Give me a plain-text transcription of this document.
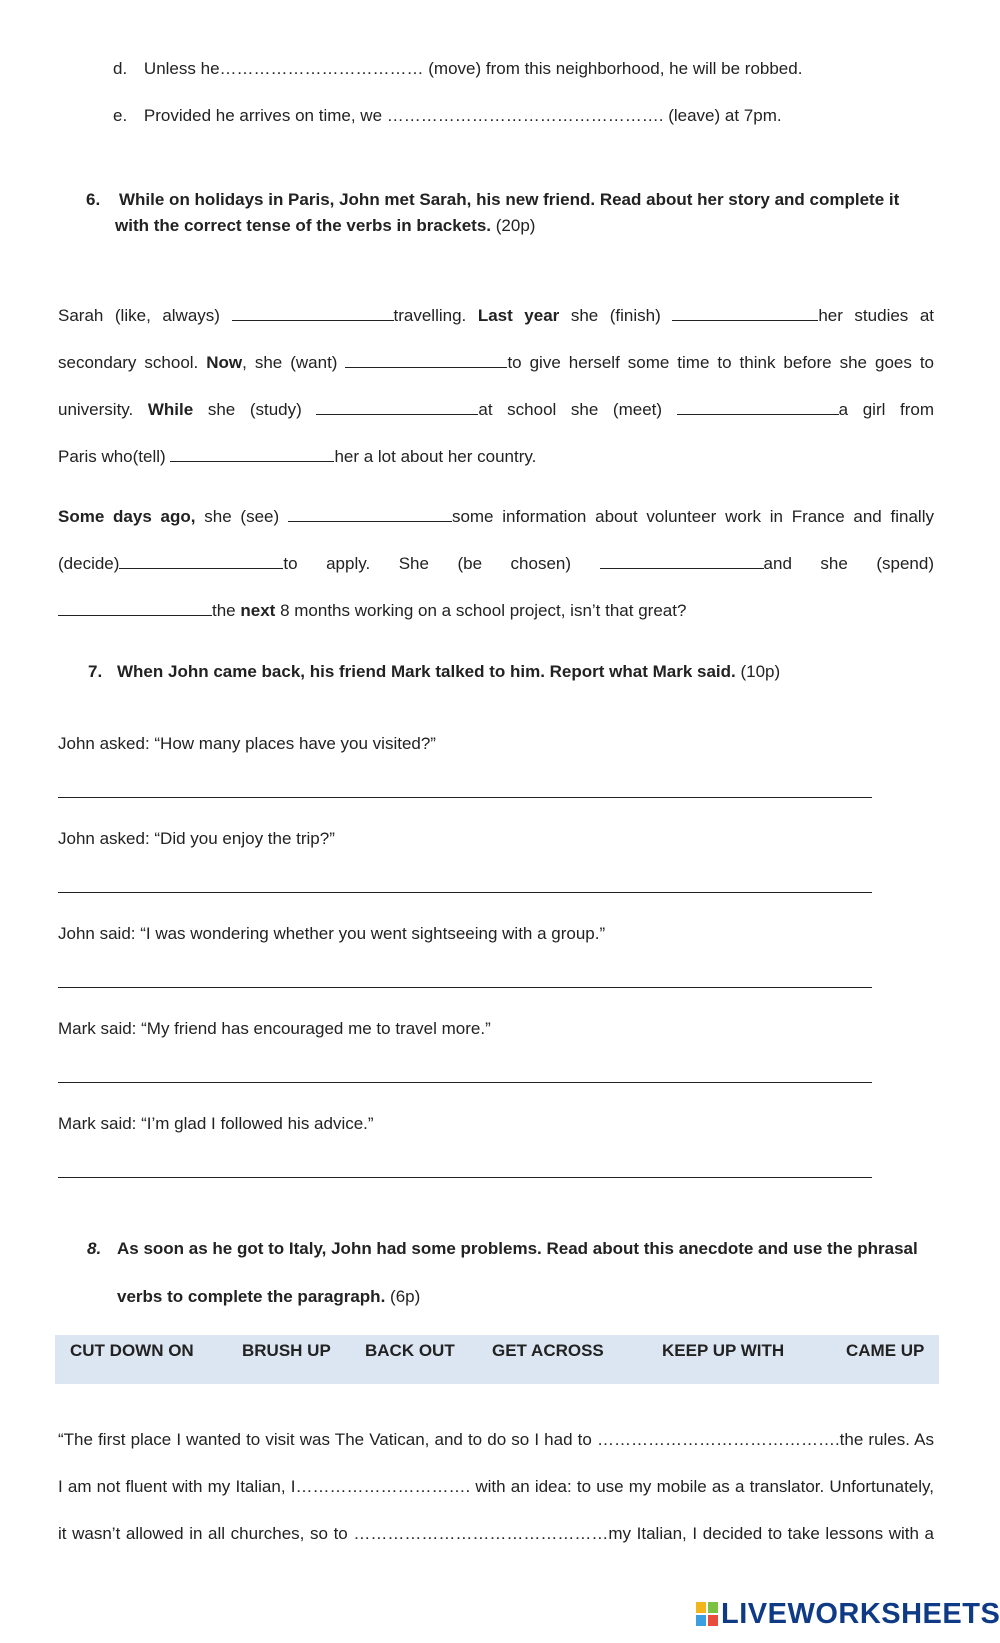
d. Unless he……………………………… (move) from this neighborhood, he will be robbed.
e. Provided he arrives on time, we …………………………………………. (leave) at 7pm.
6. While on holidays in Paris, John met Sarah, his new friend. Read about her story and complete it
with the correct tense of the verbs in brackets. (20p)
Sarah (like, always)	travelling. Last year she (finish)	her studies at
secondary school. Now, she (want)	to give herself some time to think before she goes to
university. While she (study)	at school she (meet)	a girl from
Paris who(tell)	her a lot about her country.
Some days ago, she (see)	some information about volunteer work in France and finally
(decide)	to apply. She (be chosen)	and she (spend)
the next 8 months working on a school project, isn’t that great?
7. When John came back, his friend Mark talked to him. Report what Mark said. (10p)
John asked: “How many places have you visited?”
John asked: “Did you enjoy the trip?”
John said: “I was wondering whether you went sightseeing with a group.”
Mark said: “My friend has encouraged me to travel more.”
Mark said: “I’m glad I followed his advice.”
8. As soon as he got to Italy, John had some problems. Read about this anecdote and use the phrasal
verbs to complete the paragraph. (6p)
CUT DOWN ON	BRUSH UP BACK OUT GET ACROSS	KEEP UP WITH	CAME UP
“The first place I wanted to visit was The Vatican, and to do so I had to …………………………………….the rules. As
I am not fluent with my Italian, I…………………………. with an idea: to use my mobile as a translator. Unfortunately,
it wasn’t allowed in all churches, so to ………………………………………my Italian, I decided to take lessons with a
LIVEWORKSHEETS
